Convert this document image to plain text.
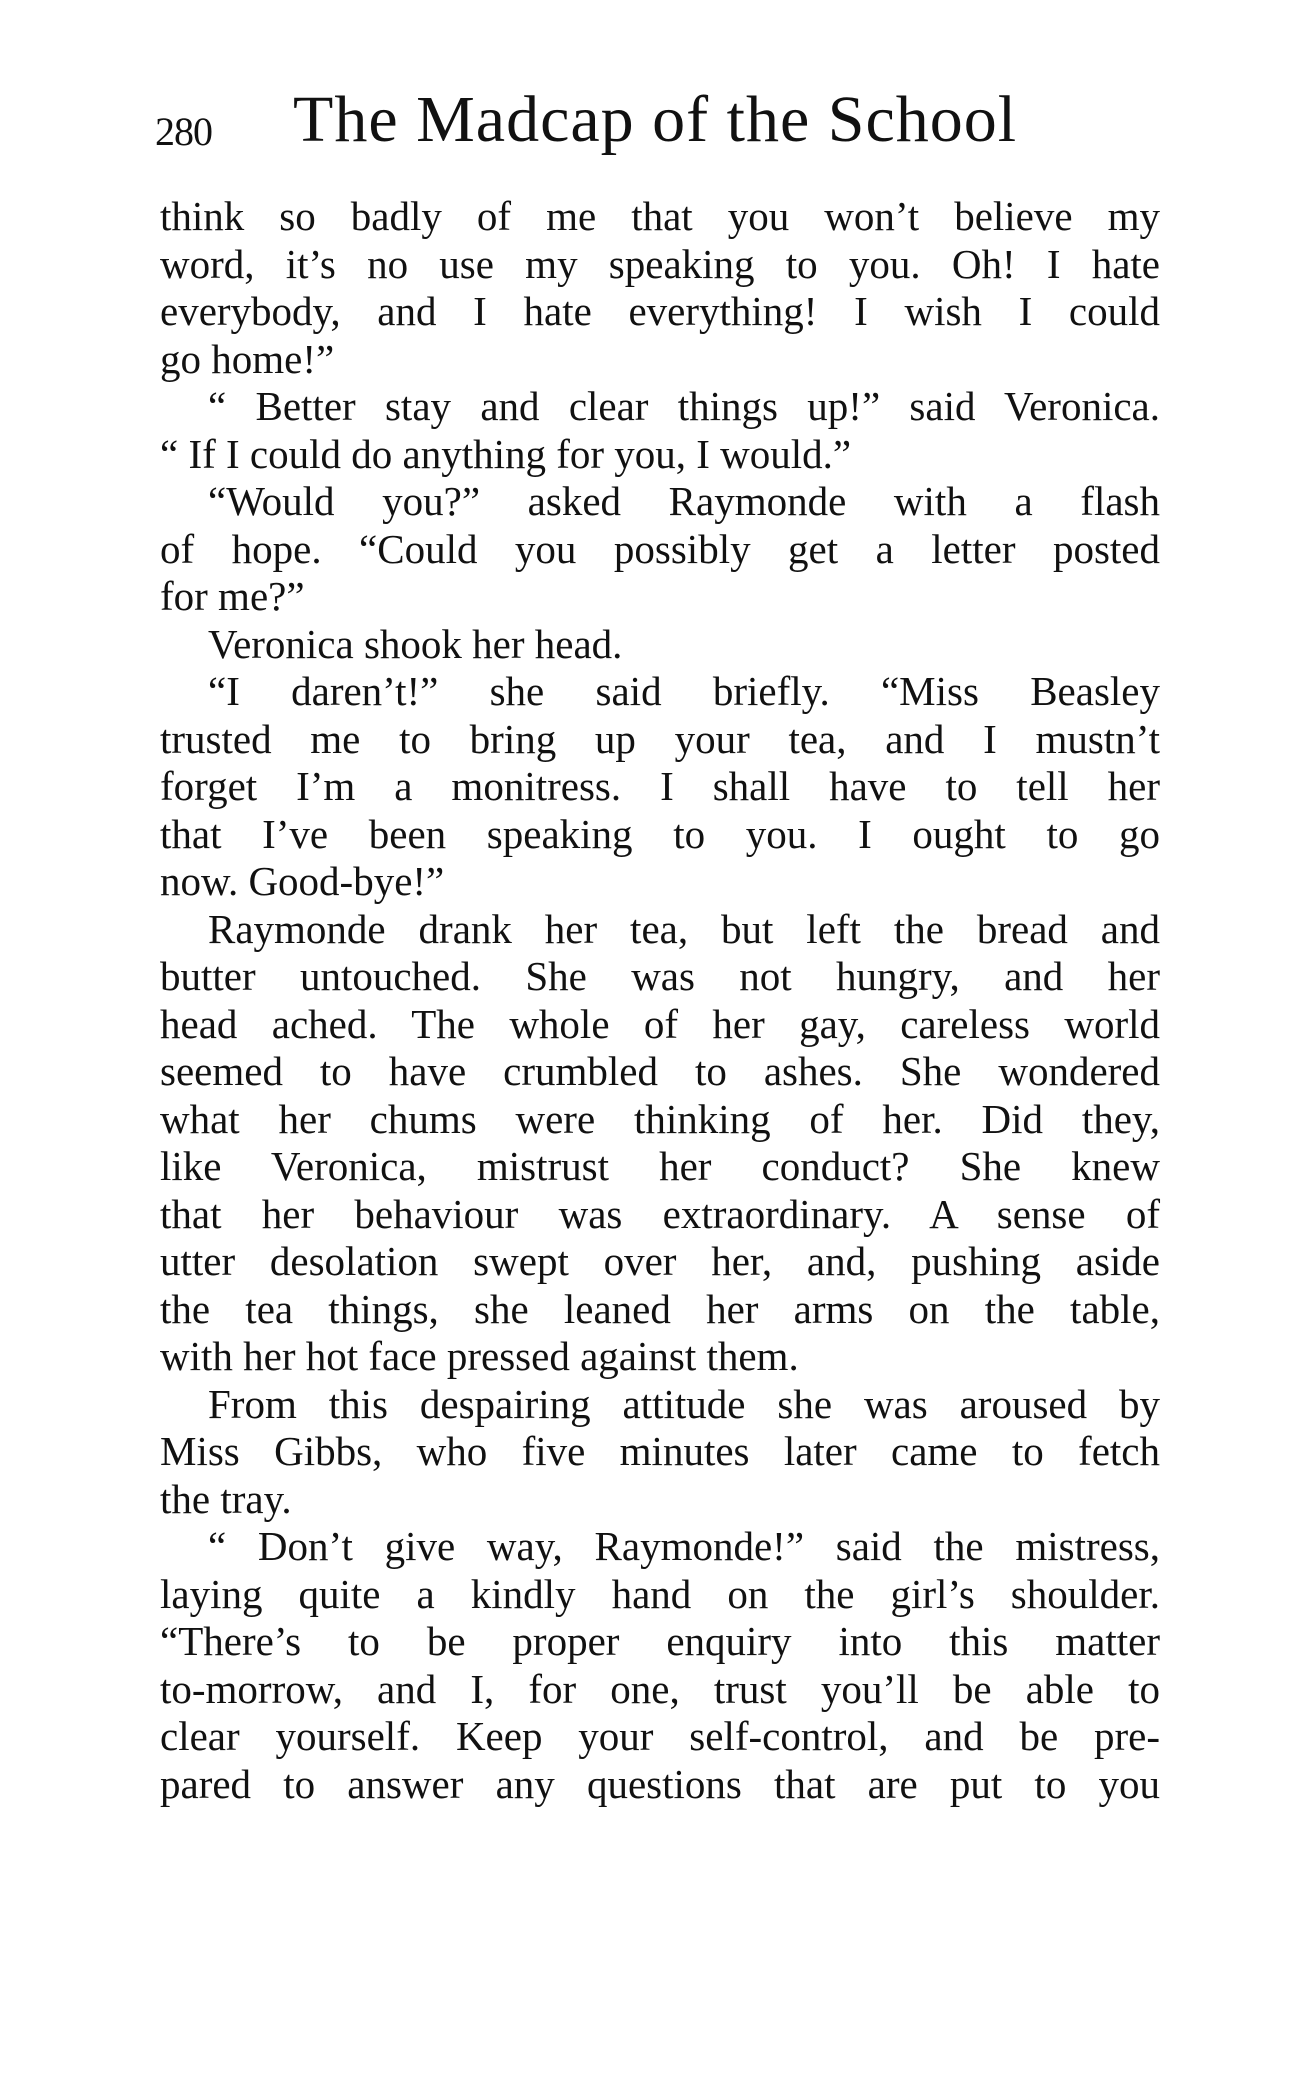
280 The Madcap of the School
think so badly of me that you won’t believe my
word, it’s no use my speaking to you. Oh! I hate
everybody, and I hate everything! I wish I could
go home!”
“ Better stay and clear things up!” said Veronica.
“ If I could do anything for you, I would.”
“Would you?” asked Raymonde with a flash
of hope. “Could you possibly get a letter posted
for me?”
Veronica shook her head.
“I daren’t!” she said briefly. “Miss Beasley
trusted me to bring up your tea, and I mustn’t
forget I’m a monitress. I shall have to tell her
that I’ve been speaking to you. I ought to go
now. Good-bye!”
Raymonde drank her tea, but left the bread and
butter untouched. She was not hungry, and her
head ached. The whole of her gay, careless world
seemed to have crumbled to ashes. She wondered
what her chums were thinking of her. Did they,
like Veronica, mistrust her conduct? She knew
that her behaviour was extraordinary. A sense of
utter desolation swept over her, and, pushing aside
the tea things, she leaned her arms on the table,
with her hot face pressed against them.
From this despairing attitude she was aroused by
Miss Gibbs, who five minutes later came to fetch
the tray.
“ Don’t give way, Raymonde!” said the mistress,
laying quite a kindly hand on the girl’s shoulder.
“There’s to be proper enquiry into this matter
to-morrow, and I, for one, trust you’ll be able to
clear yourself. Keep your self-control, and be pre-
pared to answer any questions that are put to you
